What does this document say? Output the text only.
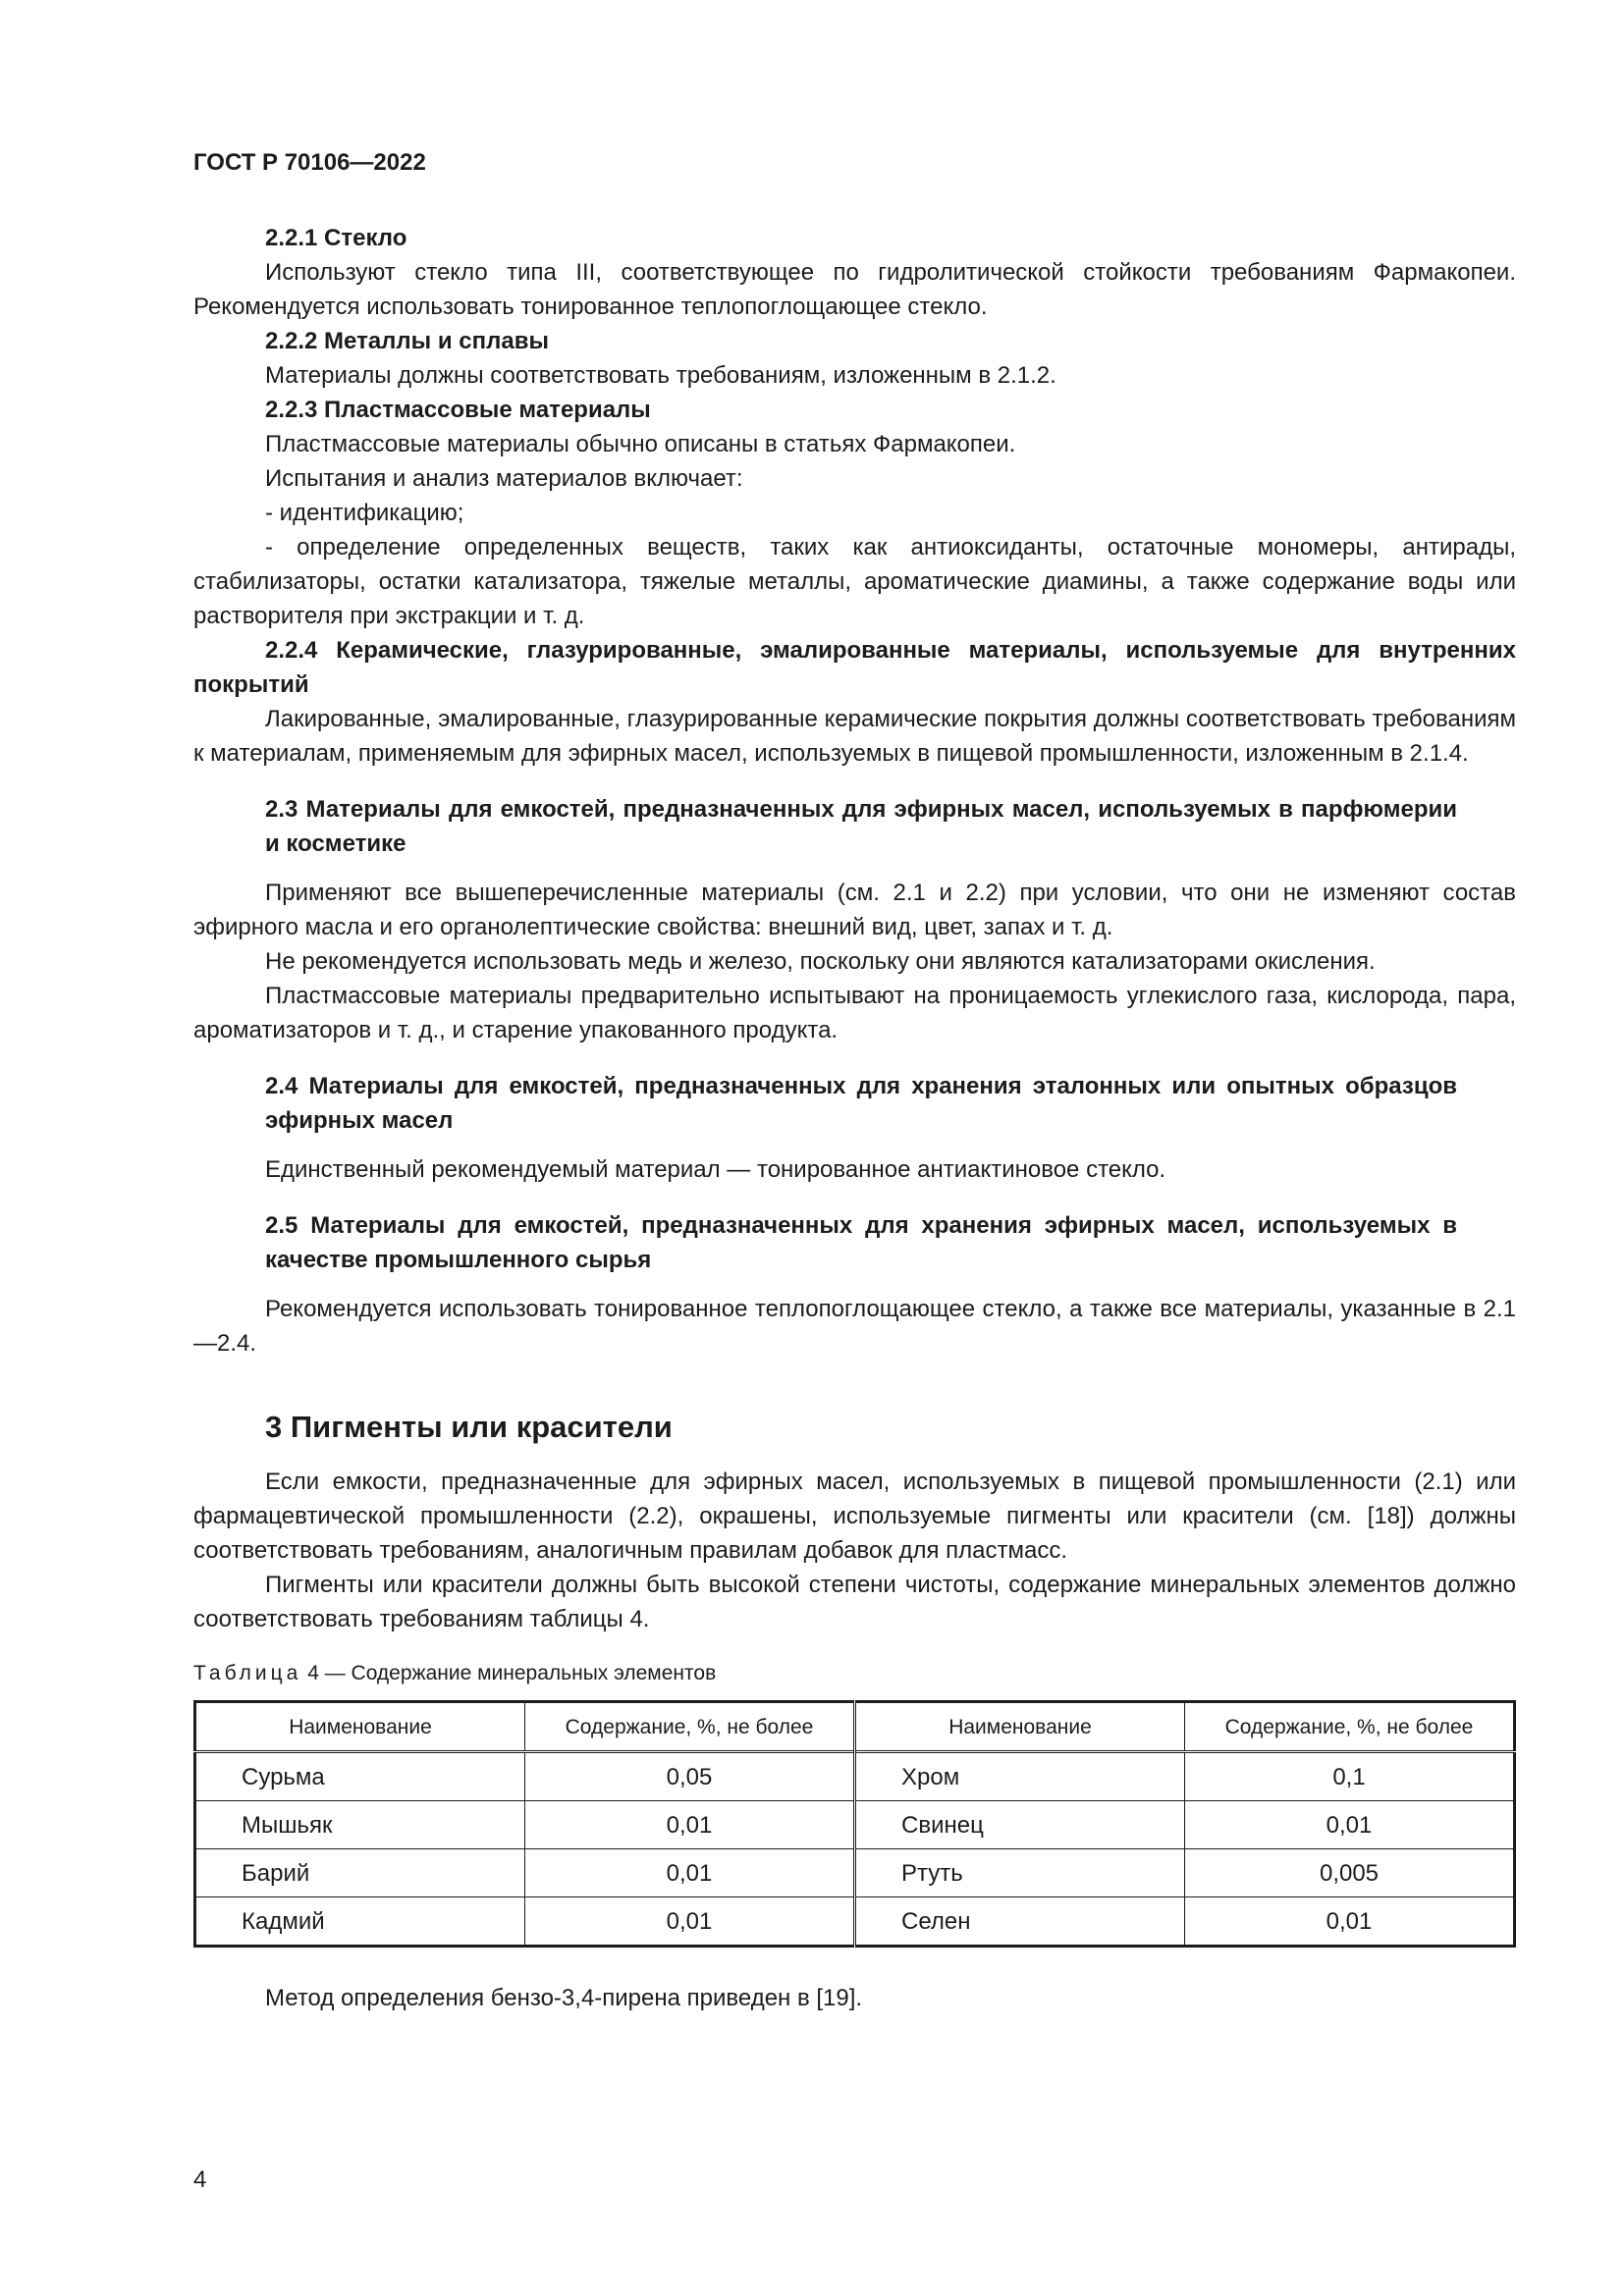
ГОСТ Р 70106—2022

2.2.1 Стекло

Используют стекло типа III, соответствующее по гидролитической стойкости требованиям Фармакопеи. Рекомендуется использовать тонированное теплопоглощающее стекло.

2.2.2 Металлы и сплавы

Материалы должны соответствовать требованиям, изложенным в 2.1.2.

2.2.3 Пластмассовые материалы

Пластмассовые материалы обычно описаны в статьях Фармакопеи.

Испытания и анализ материалов включает:

- идентификацию;

- определение определенных веществ, таких как антиоксиданты, остаточные мономеры, антирады, стабилизаторы, остатки катализатора, тяжелые металлы, ароматические диамины, а также содержание воды или растворителя при экстракции и т. д.

2.2.4 Керамические, глазурированные, эмалированные материалы, используемые для внутренних покрытий

Лакированные, эмалированные, глазурированные керамические покрытия должны соответствовать требованиям к материалам, применяемым для эфирных масел, используемых в пищевой промышленности, изложенным в 2.1.4.

2.3 Материалы для емкостей, предназначенных для эфирных масел, используемых в парфюмерии и косметике

Применяют все вышеперечисленные материалы (см. 2.1 и 2.2) при условии, что они не изменяют состав эфирного масла и его органолептические свойства: внешний вид, цвет, запах и т. д.

Не рекомендуется использовать медь и железо, поскольку они являются катализаторами окисления.

Пластмассовые материалы предварительно испытывают на проницаемость углекислого газа, кислорода, пара, ароматизаторов и т. д., и старение упакованного продукта.

2.4 Материалы для емкостей, предназначенных для хранения эталонных или опытных образцов эфирных масел

Единственный рекомендуемый материал — тонированное антиактиновое стекло.

2.5 Материалы для емкостей, предназначенных для хранения эфирных масел, используемых в качестве промышленного сырья

Рекомендуется использовать тонированное теплопоглощающее стекло, а также все материалы, указанные в 2.1—2.4.

3 Пигменты или красители

Если емкости, предназначенные для эфирных масел, используемых в пищевой промышленности (2.1) или фармацевтической промышленности (2.2), окрашены, используемые пигменты или красители (см. [18]) должны соответствовать требованиям, аналогичным правилам добавок для пластмасс.

Пигменты или красители должны быть высокой степени чистоты, содержание минеральных элементов должно соответствовать требованиям таблицы 4.

Таблица 4 — Содержание минеральных элементов

Наименование	Содержание, %, не более	Наименование	Содержание, %, не более
Сурьма	0,05	Хром	0,1
Мышьяк	0,01	Свинец	0,01
Барий	0,01	Ртуть	0,005
Кадмий	0,01	Селен	0,01

Метод определения бензо-3,4-пирена приведен в [19].

4
